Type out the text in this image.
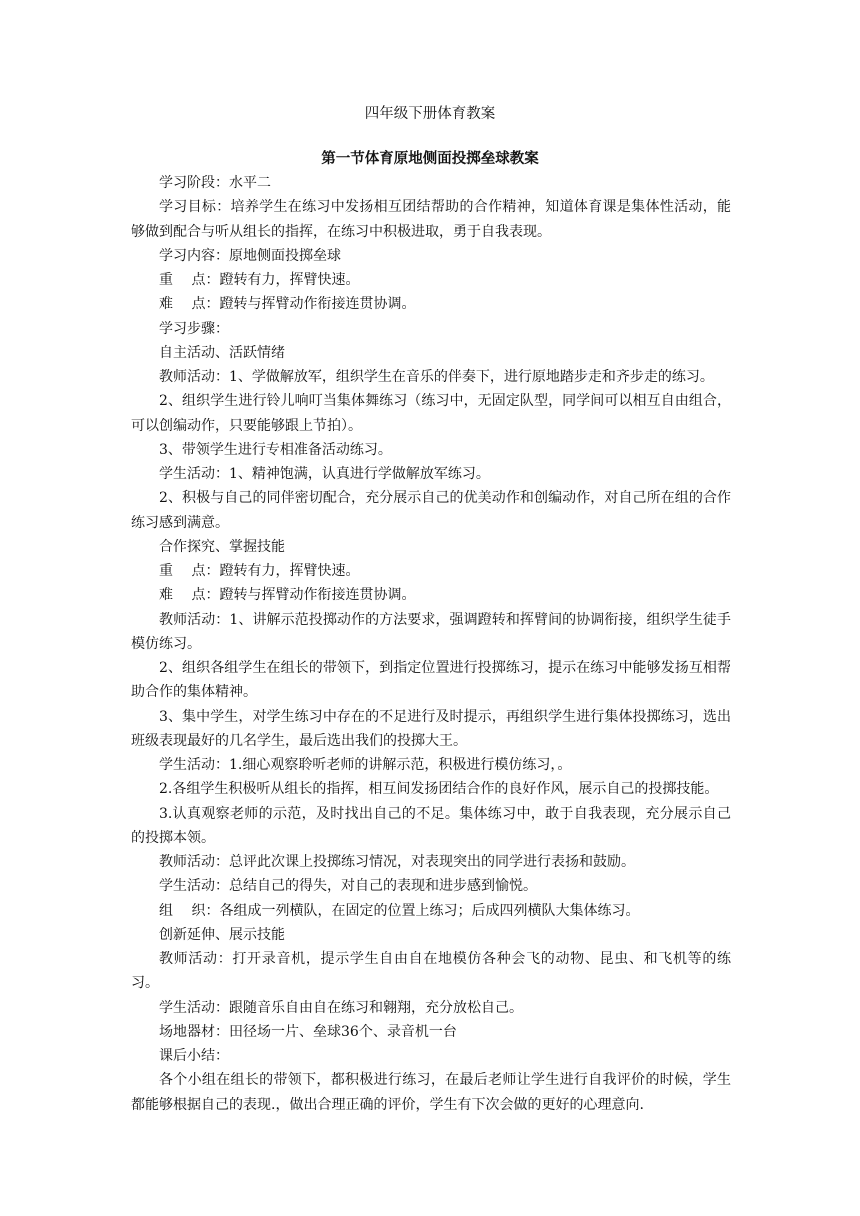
四年级下册体育教案
第一节体育原地侧面投掷垒球教案

学习阶段：水平二

学习目标：培养学生在练习中发扬相互团结帮助的合作精神，知道体育课是集体性活动，能够做到配合与听从组长的指挥，在练习中积极进取，勇于自我表现。

学习内容：原地侧面投掷垒球

重　 点：蹬转有力，挥臂快速。

难　 点：蹬转与挥臂动作衔接连贯协调。

学习步骤：

自主活动、活跃情绪

教师活动：1、学做解放军，组织学生在音乐的伴奏下，进行原地踏步走和齐步走的练习。

2、组织学生进行铃儿响叮当集体舞练习（练习中，无固定队型，同学间可以相互自由组合，可以创编动作，只要能够跟上节拍）。

3、带领学生进行专相准备活动练习。

学生活动：1、精神饱满，认真进行学做解放军练习。

2、积极与自己的同伴密切配合，充分展示自己的优美动作和创编动作，对自己所在组的合作练习感到满意。

合作探究、掌握技能

重　 点：蹬转有力，挥臂快速。

难　 点：蹬转与挥臂动作衔接连贯协调。

教师活动：1、讲解示范投掷动作的方法要求，强调蹬转和挥臂间的协调衔接，组织学生徒手模仿练习。

2、组织各组学生在组长的带领下，到指定位置进行投掷练习，提示在练习中能够发扬互相帮助合作的集体精神。

3、集中学生，对学生练习中存在的不足进行及时提示，再组织学生进行集体投掷练习，选出班级表现最好的几名学生，最后选出我们的投掷大王。

学生活动：1.细心观察聆听老师的讲解示范，积极进行模仿练习，。

2.各组学生积极听从组长的指挥，相互间发扬团结合作的良好作风，展示自己的投掷技能。

3.认真观察老师的示范，及时找出自己的不足。集体练习中，敢于自我表现，充分展示自己的投掷本领。

教师活动：总评此次课上投掷练习情况，对表现突出的同学进行表扬和鼓励。

学生活动：总结自己的得失，对自己的表现和进步感到愉悦。

组　 织：各组成一列横队，在固定的位置上练习；后成四列横队大集体练习。

创新延伸、展示技能

教师活动：打开录音机，提示学生自由自在地模仿各种会飞的动物、昆虫、和飞机等的练习。

学生活动：跟随音乐自由自在练习和翱翔，充分放松自己。

场地器材：田径场一片、垒球36个、录音机一台

课后小结：

各个小组在组长的带领下，都积极进行练习，在最后老师让学生进行自我评价的时候，学生都能够根据自己的表现.，做出合理正确的评价，学生有下次会做的更好的心理意向.
